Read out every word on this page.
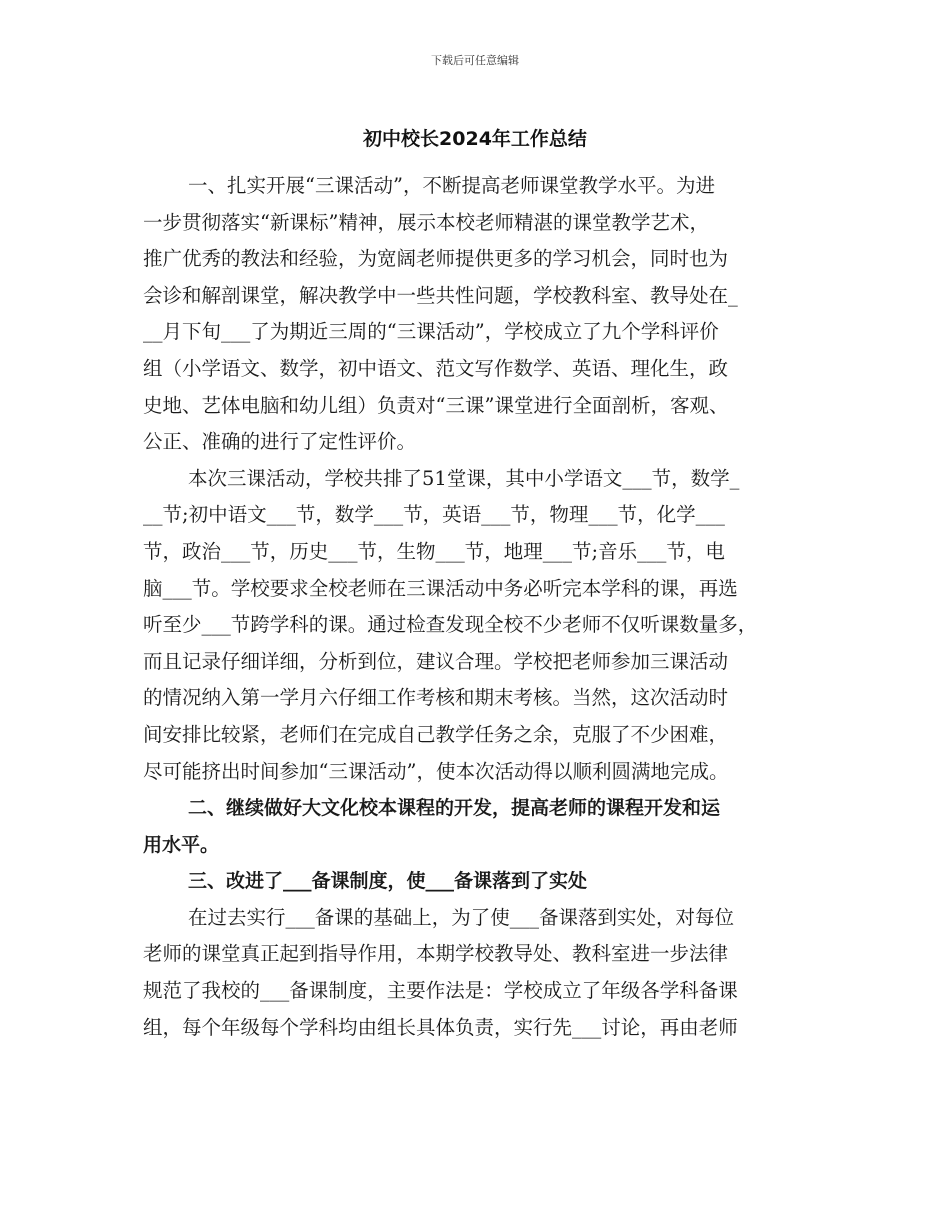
下载后可任意编辑
初中校长2024年工作总结
一、扎实开展“三课活动”，不断提高老师课堂教学水平。为进
一步贯彻落实“新课标”精神，展示本校老师精湛的课堂教学艺术，
推广优秀的教法和经验，为宽阔老师提供更多的学习机会，同时也为
会诊和解剖课堂，解决教学中一些共性问题，学校教科室、教导处在_
__月下旬___了为期近三周的“三课活动”，学校成立了九个学科评价
组（小学语文、数学，初中语文、范文写作数学、英语、理化生，政
史地、艺体电脑和幼儿组）负责对“三课”课堂进行全面剖析，客观、
公正、准确的进行了定性评价。
本次三课活动，学校共排了51堂课，其中小学语文___节，数学_
__节;初中语文___节，数学___节，英语___节，物理___节，化学___
节，政治___节，历史___节，生物___节，地理___节;音乐___节，电
脑___节。学校要求全校老师在三课活动中务必听完本学科的课，再选
听至少___节跨学科的课。通过检查发现全校不少老师不仅听课数量多，
而且记录仔细详细，分析到位，建议合理。学校把老师参加三课活动
的情况纳入第一学月六仔细工作考核和期末考核。当然，这次活动时
间安排比较紧，老师们在完成自己教学任务之余，克服了不少困难，
尽可能挤出时间参加“三课活动”，使本次活动得以顺利圆满地完成。
二、继续做好大文化校本课程的开发，提高老师的课程开发和运
用水平。
三、改进了___备课制度，使___备课落到了实处
在过去实行___备课的基础上，为了使___备课落到实处，对每位
老师的课堂真正起到指导作用，本期学校教导处、教科室进一步法律
规范了我校的___备课制度，主要作法是：学校成立了年级各学科备课
组，每个年级每个学科均由组长具体负责，实行先___讨论，再由老师
